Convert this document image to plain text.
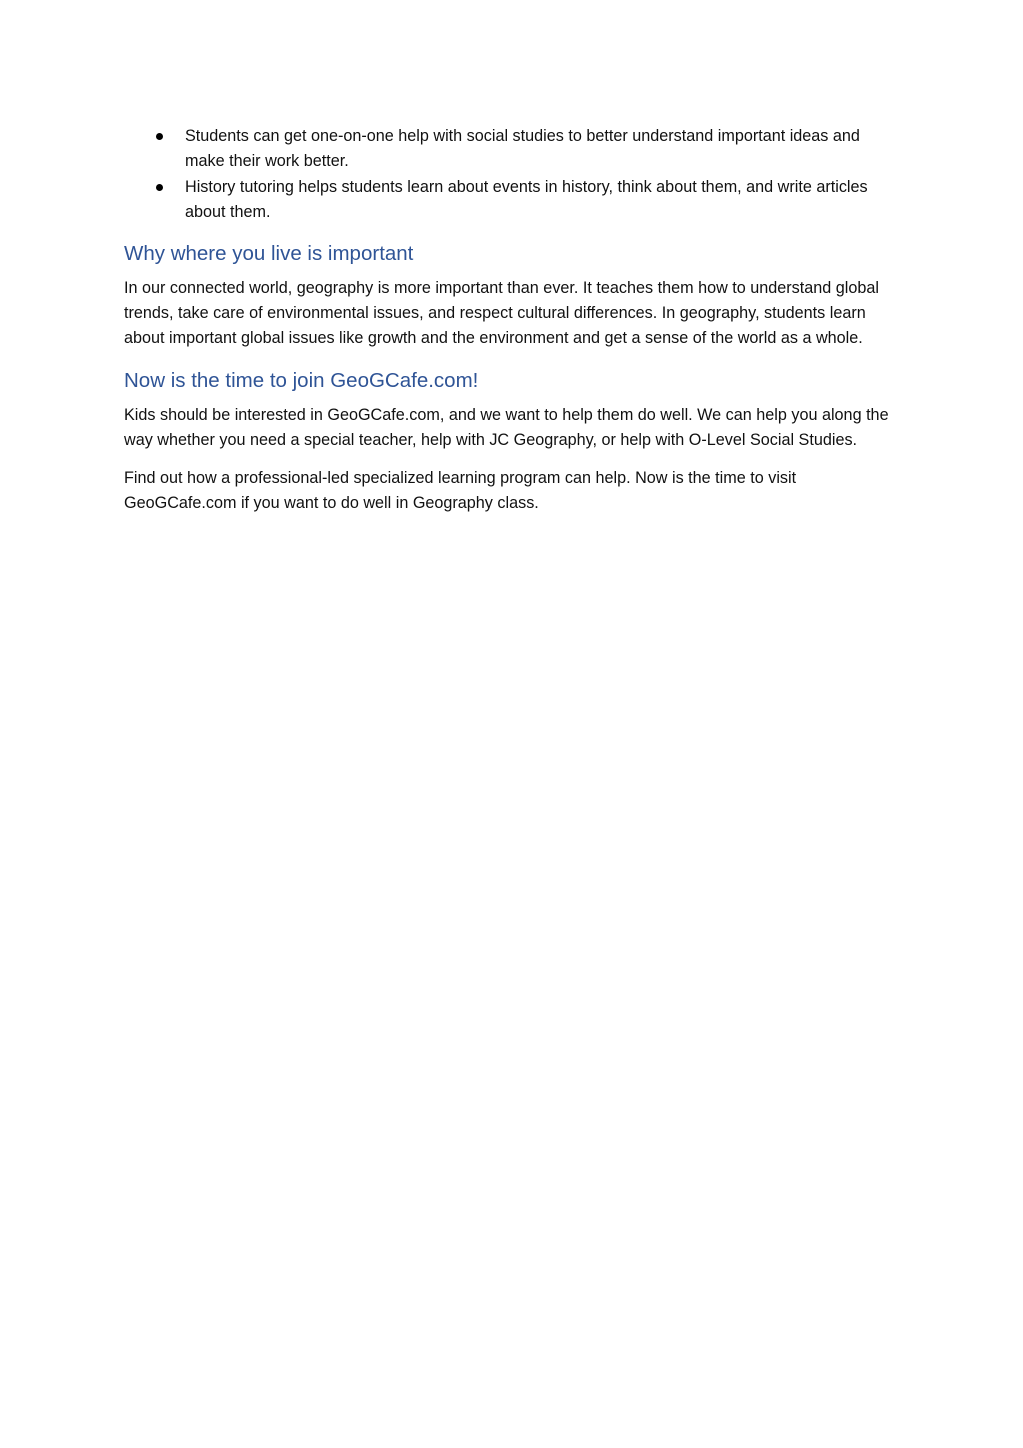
Students can get one-on-one help with social studies to better understand important ideas and make their work better.
History tutoring helps students learn about events in history, think about them, and write articles about them.
Why where you live is important

In our connected world, geography is more important than ever. It teaches them how to understand global trends, take care of environmental issues, and respect cultural differences. In geography, students learn about important global issues like growth and the environment and get a sense of the world as a whole.

Now is the time to join GeoGCafe.com!

Kids should be interested in GeoGCafe.com, and we want to help them do well. We can help you along the way whether you need a special teacher, help with JC Geography, or help with O-Level Social Studies.

Find out how a professional-led specialized learning program can help. Now is the time to visit GeoGCafe.com if you want to do well in Geography class.
